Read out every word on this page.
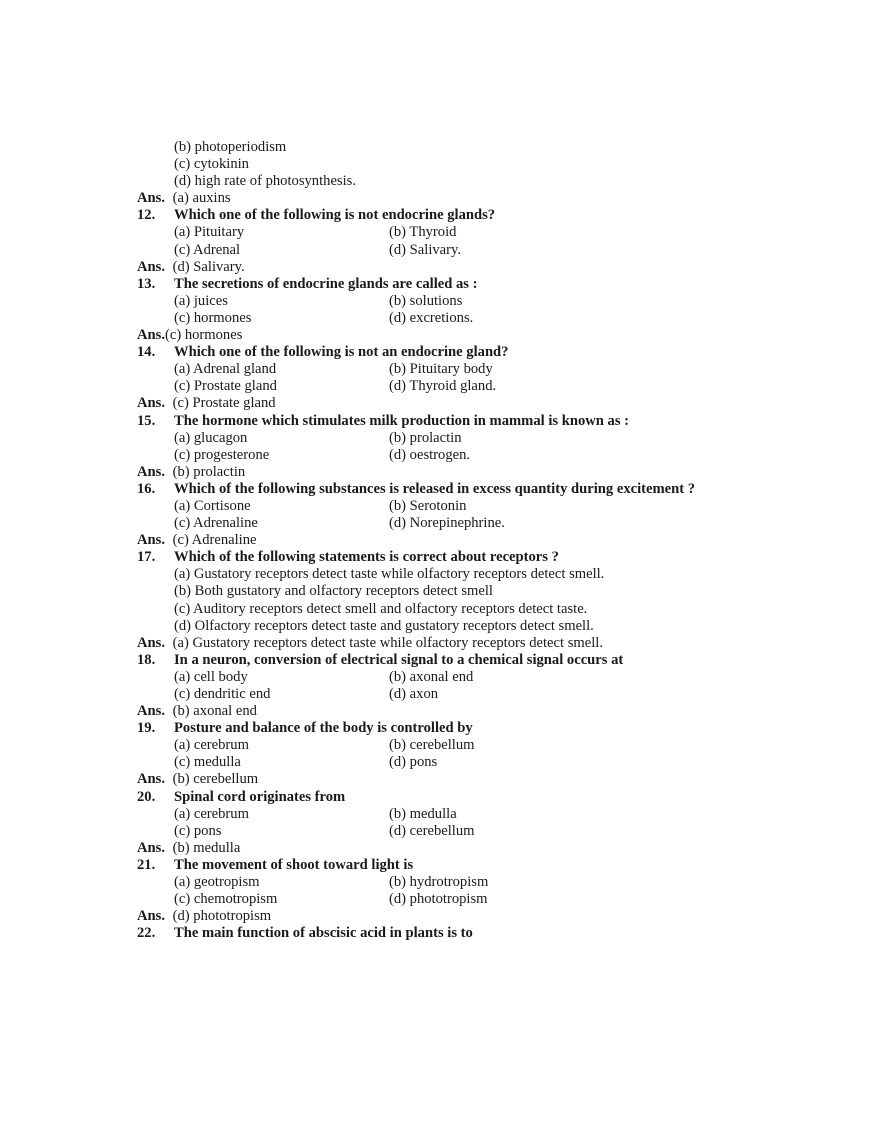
(b) photoperiodism
(c) cytokinin
(d) high rate of photosynthesis.
Ans. (a) auxins
12.	Which one of the following is not endocrine glands?
(a) Pituitary	(b) Thyroid
(c) Adrenal	(d) Salivary.
Ans. (d) Salivary.
13.	The secretions of endocrine glands are called as :
(a) juices	(b) solutions
(c) hormones	(d) excretions.
Ans. (c) hormones
14.	Which one of the following is not an endocrine gland?
(a) Adrenal gland	(b) Pituitary body
(c) Prostate gland	(d) Thyroid gland.
Ans. (c) Prostate gland
15.	The hormone which stimulates milk production in mammal is known as :
(a) glucagon	(b) prolactin
(c) progesterone	(d) oestrogen.
Ans. (b) prolactin
16.	Which of the following substances is released in excess quantity during excitement ?
(a) Cortisone	(b) Serotonin
(c) Adrenaline	(d) Norepinephrine.
Ans. (c) Adrenaline
17.	Which of the following statements is correct about receptors ?
(a) Gustatory receptors detect taste while olfactory receptors detect smell.
(b) Both gustatory and olfactory receptors detect smell
(c) Auditory receptors detect smell and olfactory receptors detect taste.
(d) Olfactory receptors detect taste and gustatory receptors detect smell.
Ans. (a) Gustatory receptors detect taste while olfactory receptors detect smell.
18.	In a neuron, conversion of electrical signal to a chemical signal occurs at
(a) cell body	(b) axonal end
(c) dendritic end	(d) axon
Ans. (b) axonal end
19.	Posture and balance of the body is controlled by
(a) cerebrum	(b) cerebellum
(c) medulla	(d) pons
Ans. (b) cerebellum
20.	Spinal cord originates from
(a) cerebrum	(b) medulla
(c) pons	(d) cerebellum
Ans. (b) medulla
21.	The movement of shoot toward light is
(a) geotropism	(b) hydrotropism
(c) chemotropism	(d) phototropism
Ans. (d) phototropism
22.	The main function of abscisic acid in plants is to
